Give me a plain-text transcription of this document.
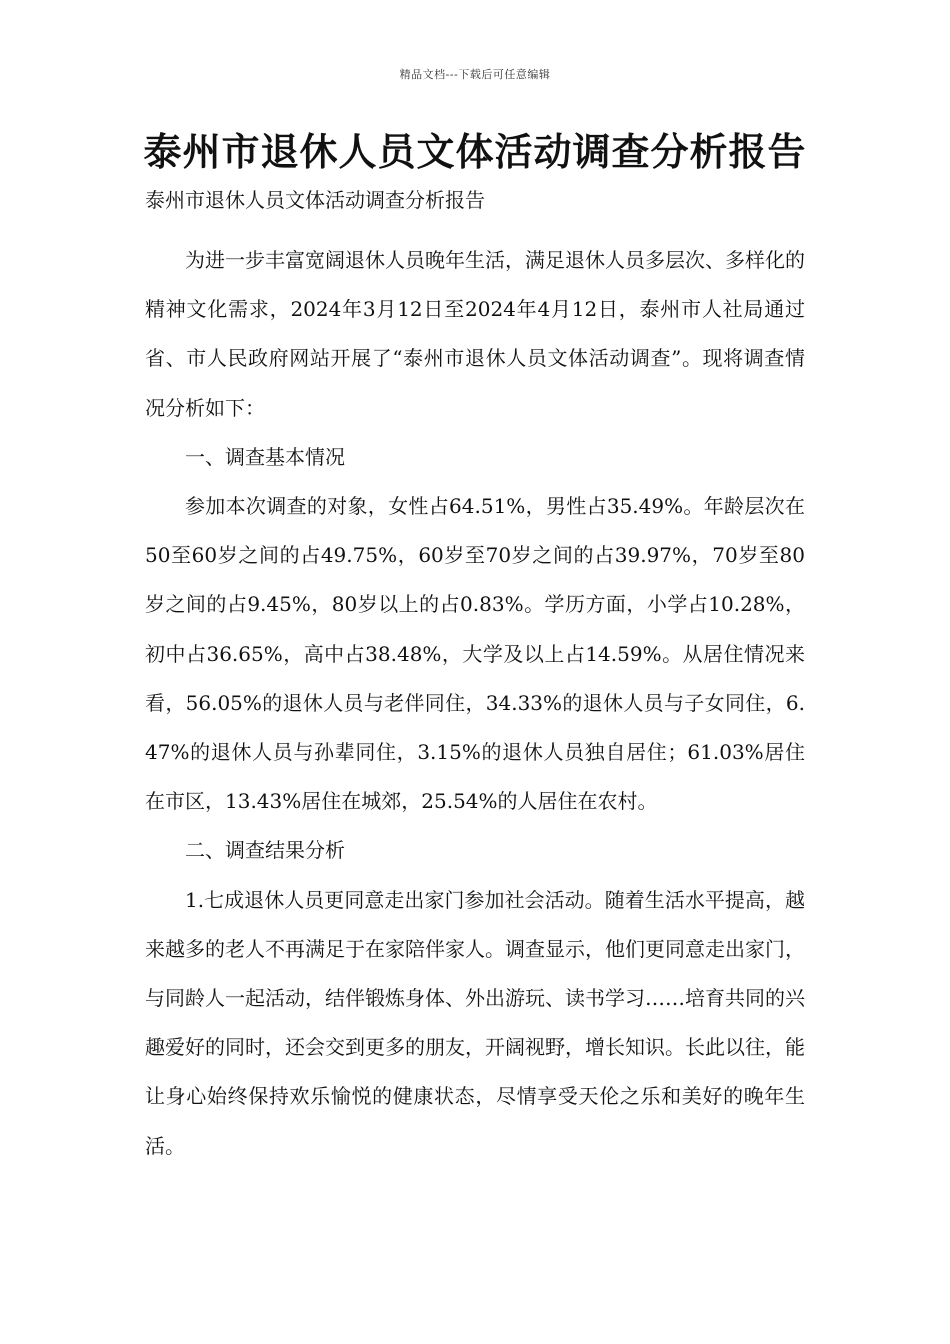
精品文档---下载后可任意编辑
泰州市退休人员文体活动调查分析报告

泰州市退休人员文体活动调查分析报告

为进一步丰富宽阔退休人员晚年生活，满足退休人员多层次、多样化的精神文化需求，2024年3月12日至2024年4月12日，泰州市人社局通过省、市人民政府网站开展了“泰州市退休人员文体活动调查”。现将调查情况分析如下：

一、调查基本情况

参加本次调查的对象，女性占64.51%，男性占35.49%。年龄层次在50至60岁之间的占49.75%，60岁至70岁之间的占39.97%，70岁至80岁之间的占9.45%，80岁以上的占0.83%。学历方面，小学占10.28%，初中占36.65%，高中占38.48%，大学及以上占14.59%。从居住情况来看，56.05%的退休人员与老伴同住，34.33%的退休人员与子女同住，6.47%的退休人员与孙辈同住，3.15%的退休人员独自居住；61.03%居住在市区，13.43%居住在城郊，25.54%的人居住在农村。

二、调查结果分析

1.七成退休人员更同意走出家门参加社会活动。随着生活水平提高，越来越多的老人不再满足于在家陪伴家人。调查显示，他们更同意走出家门，与同龄人一起活动，结伴锻炼身体、外出游玩、读书学习……培育共同的兴趣爱好的同时，还会交到更多的朋友，开阔视野，增长知识。长此以往，能让身心始终保持欢乐愉悦的健康状态，尽情享受天伦之乐和美好的晚年生活。
